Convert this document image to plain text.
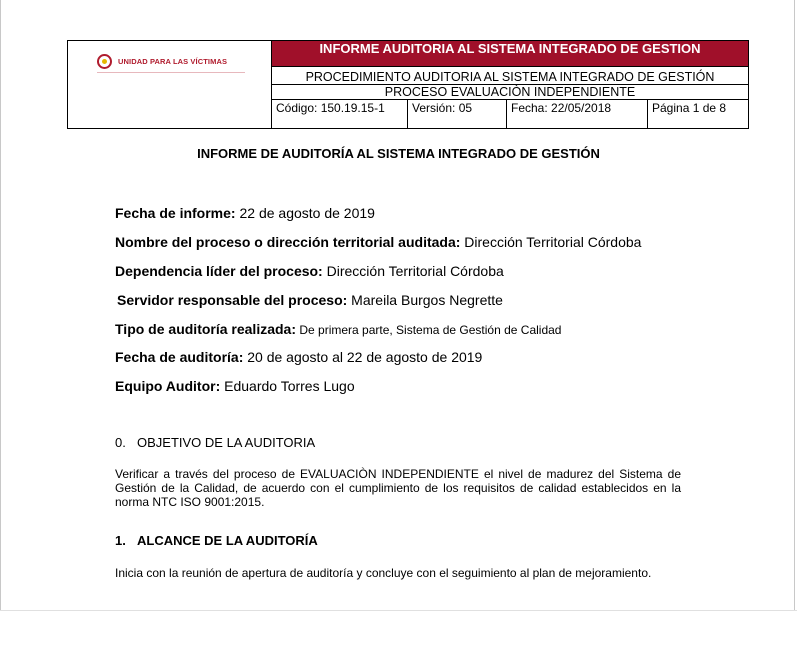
UNIDAD PARA LAS VÍCTIMAS
INFORME AUDITORIA AL SISTEMA INTEGRADO DE GESTION
PROCEDIMIENTO AUDITORIA AL SISTEMA INTEGRADO DE GESTIÓN
PROCESO EVALUACIÒN INDEPENDIENTE
Código: 150.19.15-1	Versión: 05	Fecha: 22/05/2018	Página 1 de 8
INFORME DE AUDITORÍA AL SISTEMA INTEGRADO DE GESTIÓN
Fecha de informe: 22 de agosto de 2019
Nombre del proceso o dirección territorial auditada: Dirección Territorial Córdoba
Dependencia líder del proceso: Dirección Territorial Córdoba
Servidor responsable del proceso: Mareila Burgos Negrette
Tipo de auditoría realizada: De primera parte, Sistema de Gestión de Calidad
Fecha de auditoría: 20 de agosto al 22 de agosto de 2019
Equipo Auditor: Eduardo Torres Lugo
0. OBJETIVO DE LA AUDITORIA
Verificar a través del proceso de EVALUACIÒN INDEPENDIENTE el nivel de madurez del Sistema de Gestión de la Calidad, de acuerdo con el cumplimiento de los requisitos de calidad establecidos en la norma NTC ISO 9001:2015.
1. ALCANCE DE LA AUDITORÍA
Inicia con la reunión de apertura de auditoría y concluye con el seguimiento al plan de mejoramiento.
